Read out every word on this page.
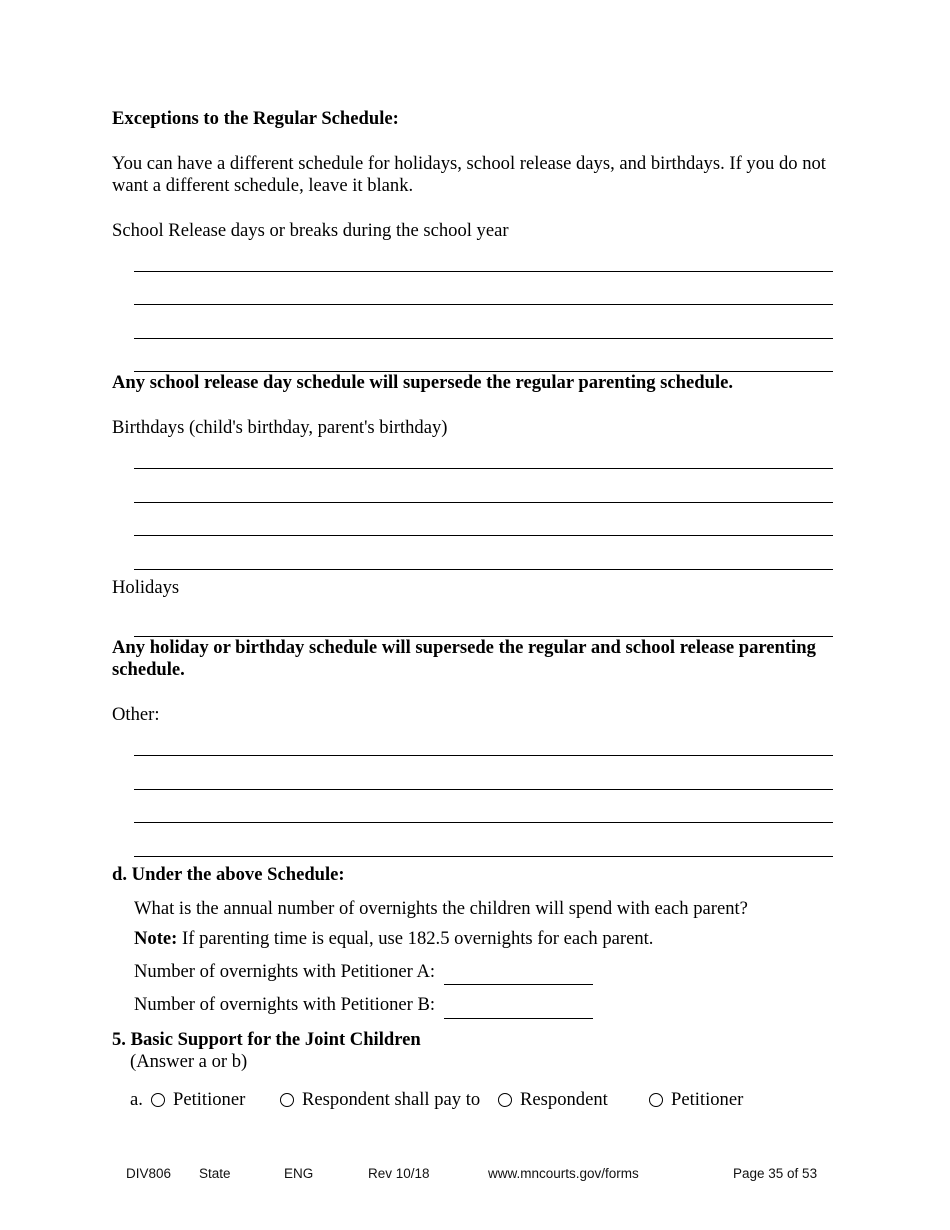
Exceptions to the Regular Schedule:
You can have a different schedule for holidays, school release days, and birthdays. If you do not want a different schedule, leave it blank.
School Release days or breaks during the school year
Any school release day schedule will supersede the regular parenting schedule.
Birthdays (child's birthday, parent's birthday)
Holidays
Any holiday or birthday schedule will supersede the regular and school release parenting schedule.
Other:
d. Under the above Schedule:
What is the annual number of overnights the children will spend with each parent?
Note: If parenting time is equal, use 182.5 overnights for each parent.
Number of overnights with Petitioner A:
Number of overnights with Petitioner B:
5. Basic Support for the Joint Children
(Answer a or b)
a. Petitioner	Respondent shall pay to Respondent	Petitioner
DIV806 State	ENG	Rev 10/18	www.mncourts.gov/forms	Page 35 of 53
